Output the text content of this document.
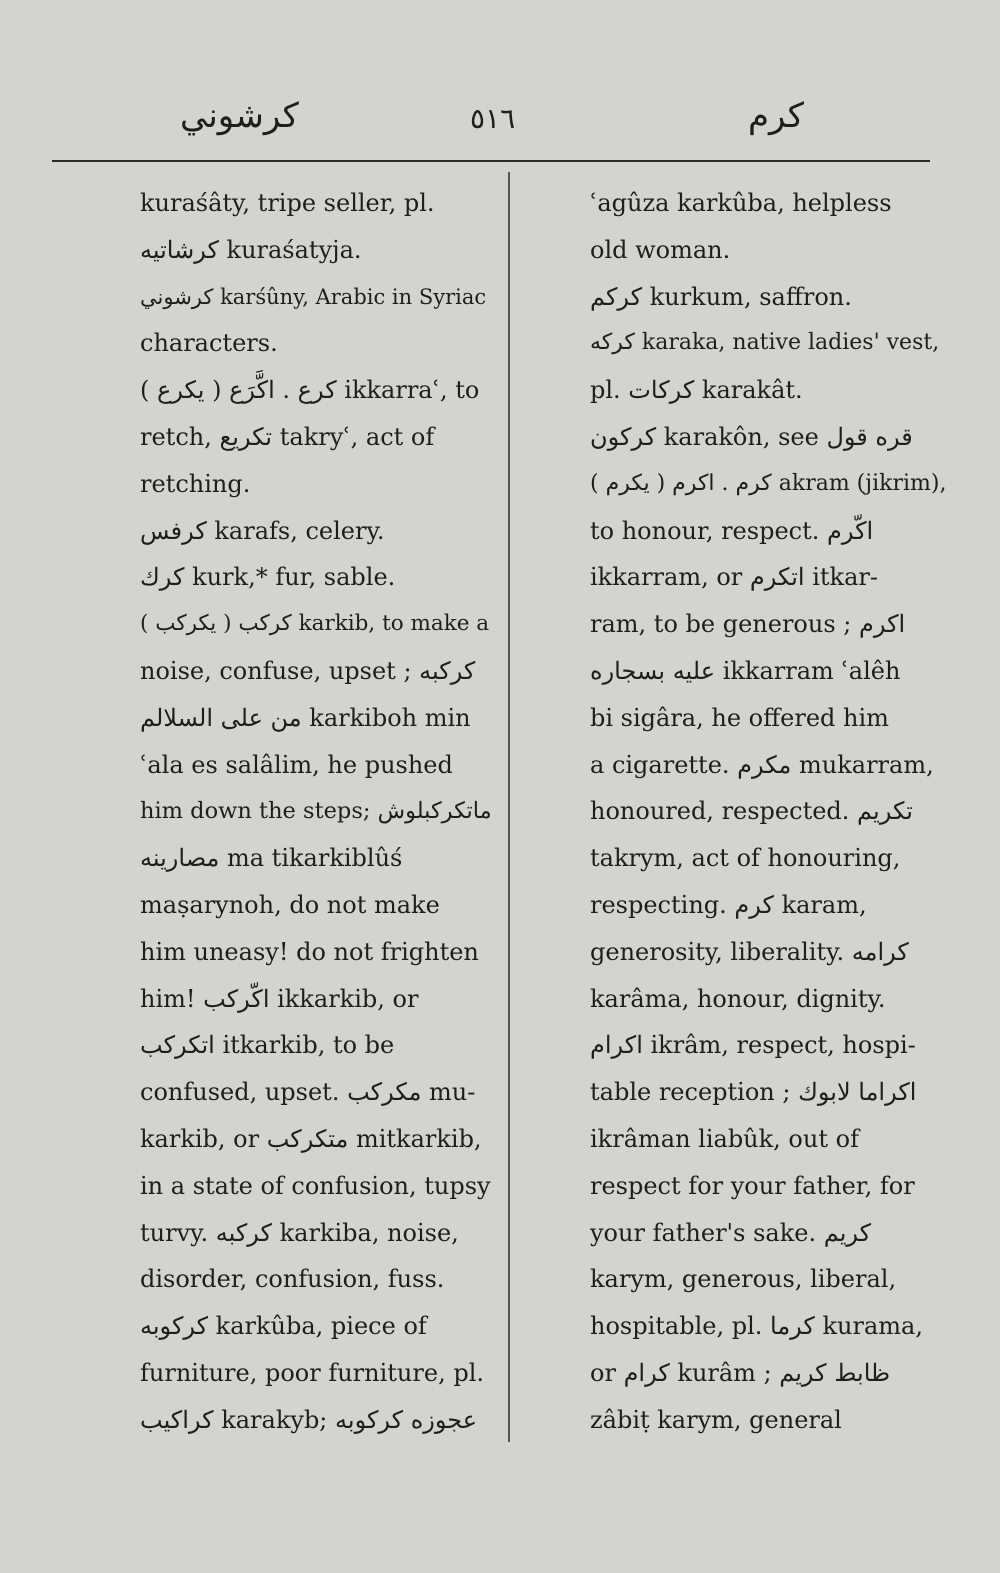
كرشوني	٥١٦	كرم
kuraśâty, tripe seller, pl.
كرشاتيه kuraśatyja.
كرشوني karśûny, Arabic in Syriac
characters.
كرع . اكَّرَع ( يكرع ) ikkarraʿ, to
retch, تكريع takryʿ, act of
retching.
كرفس karafs, celery.
كرك kurk,* fur, sable.
كركب ( يكركب ) karkib, to make a
noise, confuse, upset ; كركبه
من على السلالم karkiboh min
ʿala es salâlim, he pushed
him down the steps; ماتكركبلوش
مصارينه ma tikarkiblûś
maṣarynoh, do not make
him uneasy! do not frighten
him! اكّركب ikkarkib, or
اتكركب itkarkib, to be
confused, upset. مكركب mu-
karkib, or متكركب mitkarkib,
in a state of confusion, tupsy
turvy. كركبه karkiba, noise,
disorder, confusion, fuss.
كركوبه karkûba, piece of
furniture, poor furniture, pl.
كراكيب karakyb; عجوزه كركوبه
ʿagûza karkûba, helpless
old woman.
كركم kurkum, saffron.
كركه karaka, native ladies' vest,
pl. كركات karakât.
كركون karakôn, see قره قول
كرم . اكرم ( يكرم ) akram (jikrim),
to honour, respect. اكّرم
ikkarram, or اتكرم itkar-
ram, to be generous ; اكرم
عليه بسجاره ikkarram ʿalêh
bi sigâra, he offered him
a cigarette. مكرم mukarram,
honoured, respected. تكريم
takrym, act of honouring,
respecting. كرم karam,
generosity, liberality. كرامه
karâma, honour, dignity.
اكرام ikrâm, respect, hospi-
table reception ; اكراما لابوك
ikrâman liabûk, out of
respect for your father, for
your father's sake. كريم
karym, generous, liberal,
hospitable, pl. كرما kurama,
or كرام kurâm ; ظابط كريم
zâbiṭ karym, general
